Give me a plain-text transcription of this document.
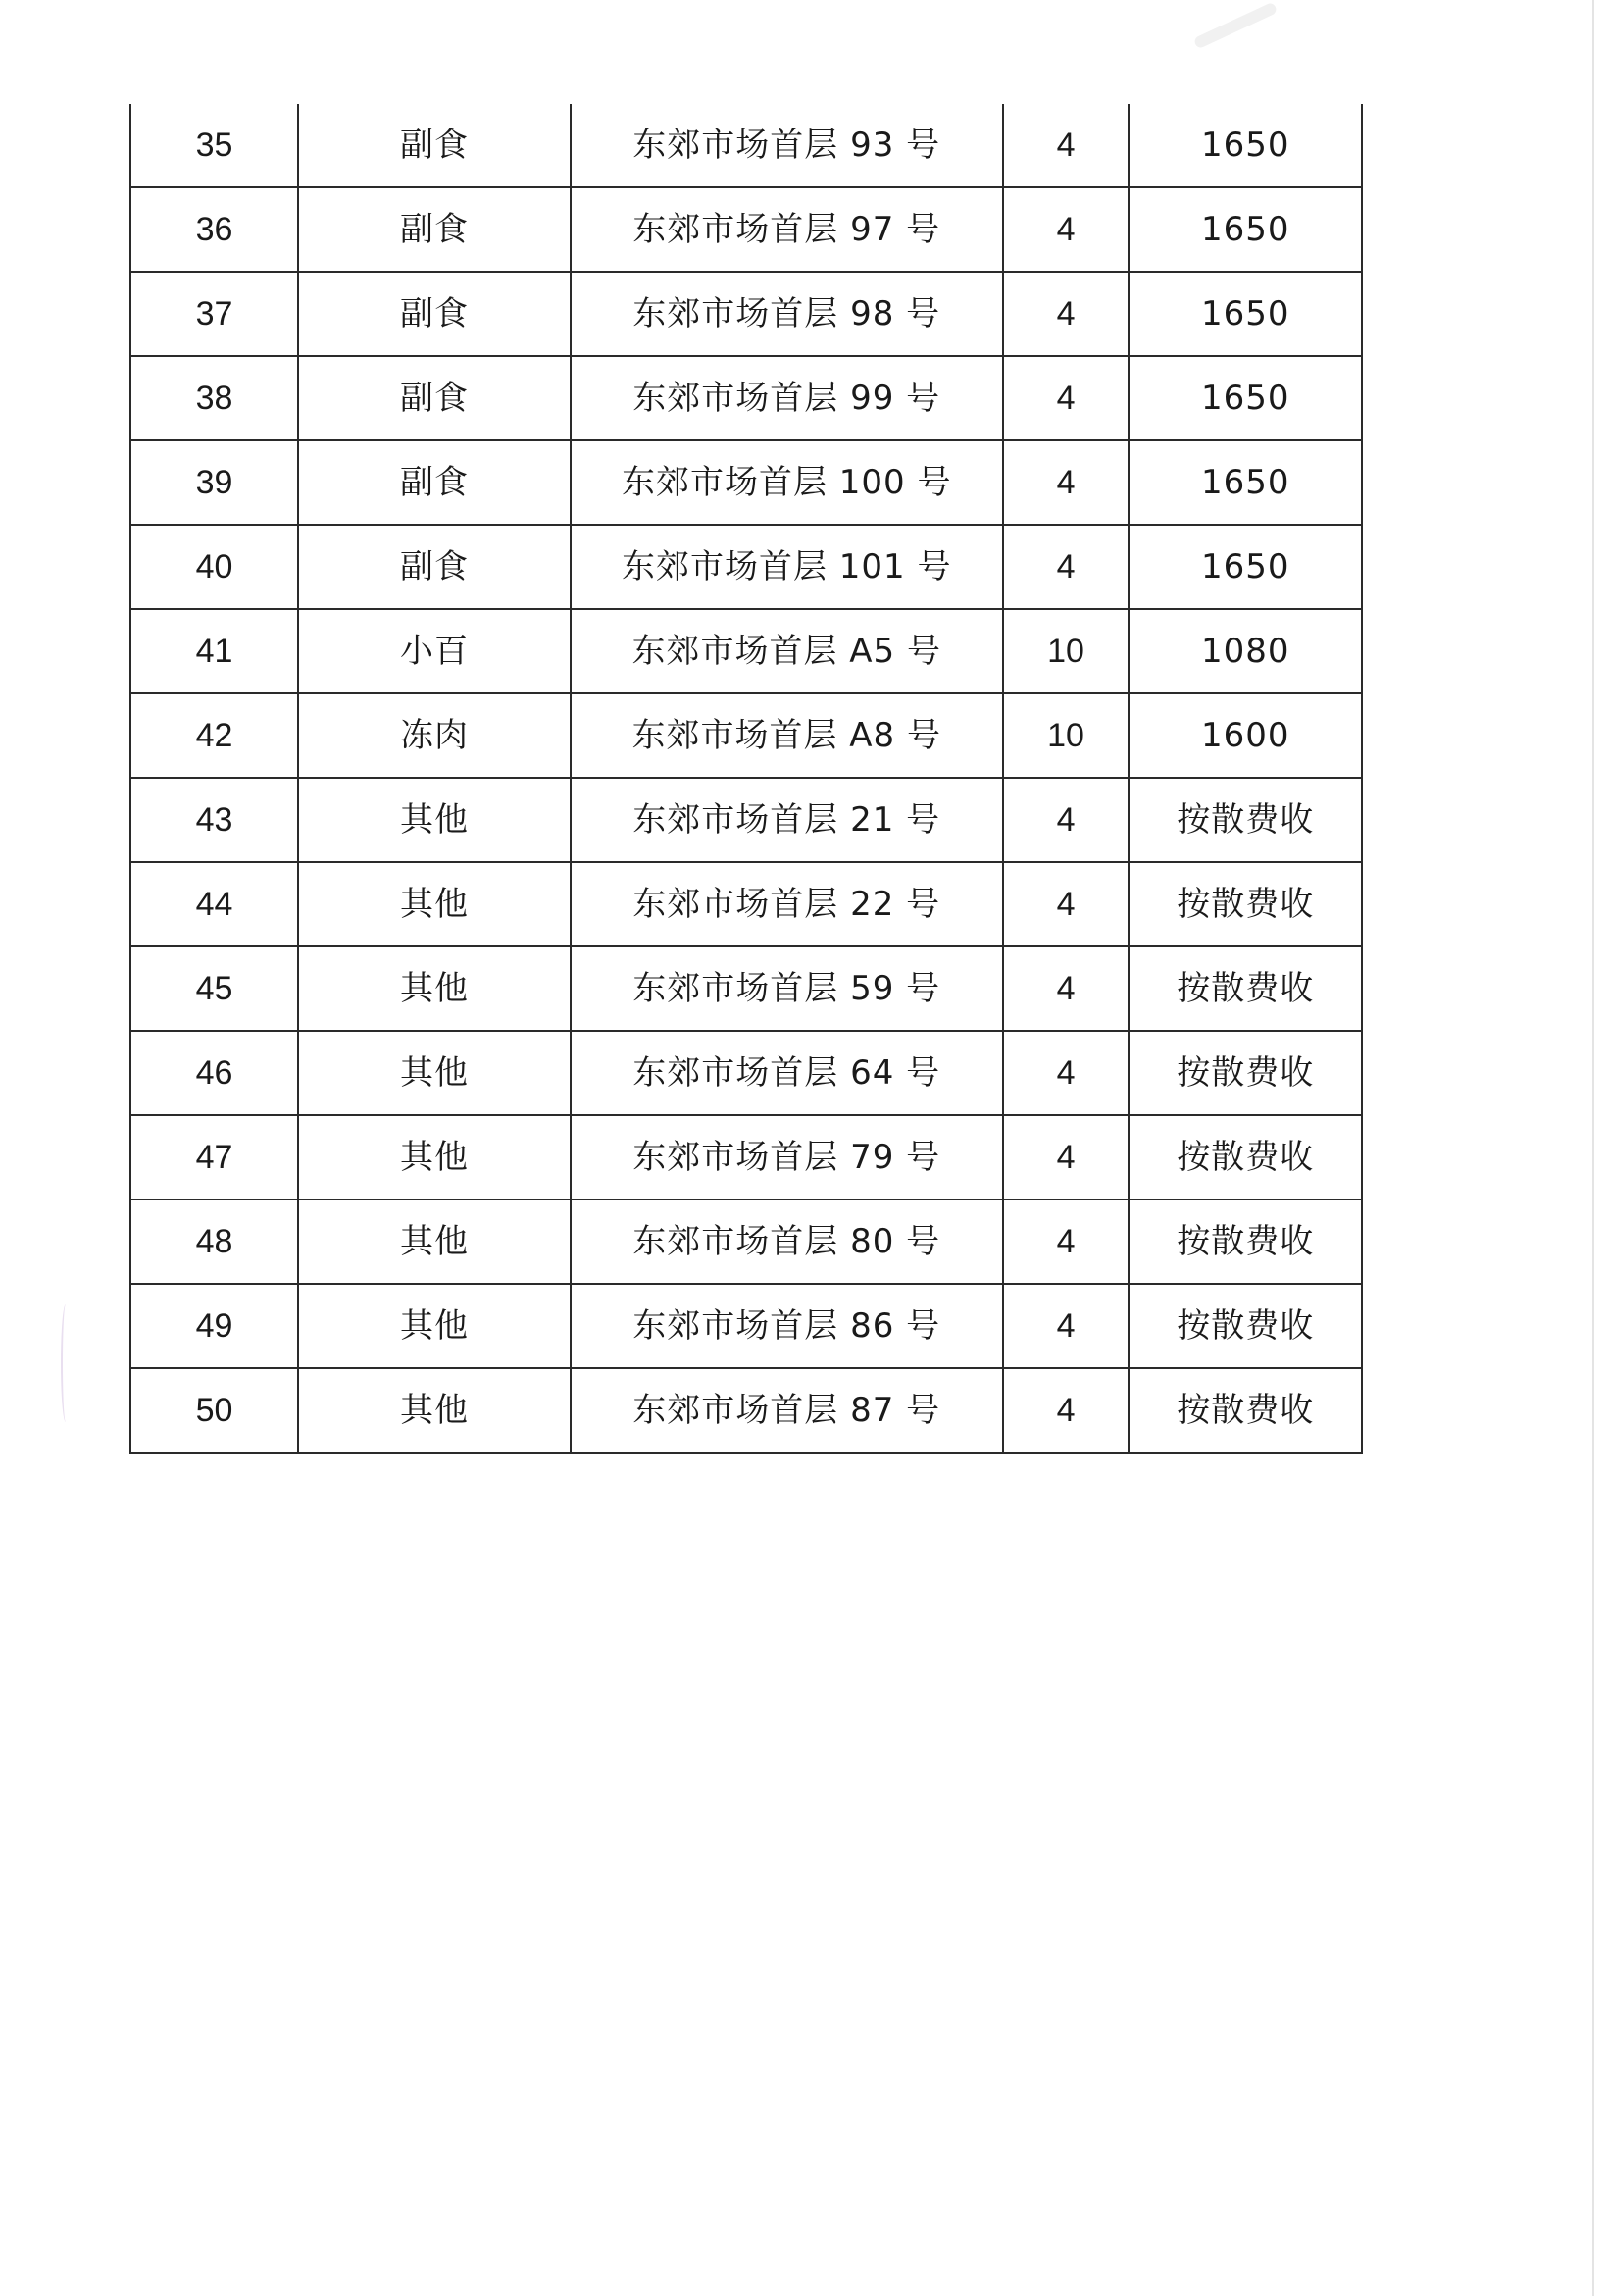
35	副食	东郊市场首层 93 号	4	1650
36	副食	东郊市场首层 97 号	4	1650
37	副食	东郊市场首层 98 号	4	1650
38	副食	东郊市场首层 99 号	4	1650
39	副食	东郊市场首层 100 号	4	1650
40	副食	东郊市场首层 101 号	4	1650
41	小百	东郊市场首层 A5 号	10	1080
42	冻肉	东郊市场首层 A8 号	10	1600
43	其他	东郊市场首层 21 号	4	按散费收
44	其他	东郊市场首层 22 号	4	按散费收
45	其他	东郊市场首层 59 号	4	按散费收
46	其他	东郊市场首层 64 号	4	按散费收
47	其他	东郊市场首层 79 号	4	按散费收
48	其他	东郊市场首层 80 号	4	按散费收
49	其他	东郊市场首层 86 号	4	按散费收
50	其他	东郊市场首层 87 号	4	按散费收
